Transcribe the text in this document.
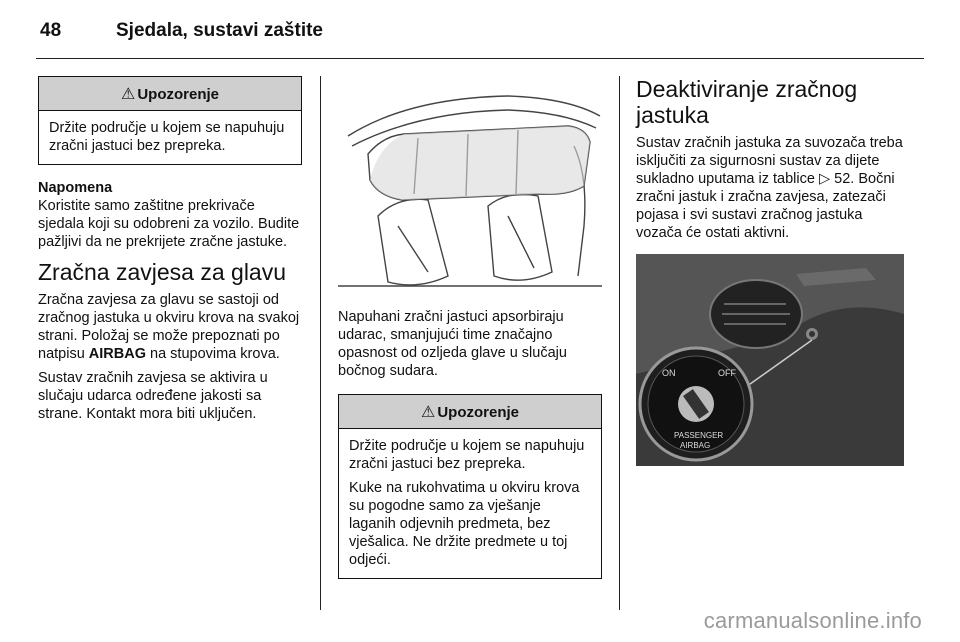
48	Sjedala, sustavi zaštite
⚠ Upozorenje

Držite područje u kojem se napuhuju zračni jastuci bez prepreka.

Napomena

Koristite samo zaštitne prekrivače sjedala koji su odobreni za vozilo. Budite pažljivi da ne prekrijete zračne jastuke.

Zračna zavjesa za glavu

Zračna zavjesa za glavu se sastoji od zračnog jastuka u okviru krova na svakoj strani. Položaj se može prepoznati po natpisu AIRBAG na stupovima krova.

Sustav zračnih zavjesa se aktivira u slučaju udarca određene jakosti sa strane. Kontakt mora biti uključen.

Napuhani zračni jastuci apsorbiraju udarac, smanjujući time značajno opasnost od ozljeda glave u slučaju bočnog sudara.

⚠ Upozorenje

Držite područje u kojem se napuhuju zračni jastuci bez prepreka.

Kuke na rukohvatima u okviru krova su pogodne samo za vješanje laganih odjevnih predmeta, bez vješalica. Ne držite predmete u toj odjeći.

Deaktiviranje zračnog jastuka

Sustav zračnih jastuka za suvozača treba isključiti za sigurnosni sustav za dijete sukladno uputama iz tablice ▷ 52. Bočni zračni jastuk i zračna zavjesa, zatezači pojasa i svi sustavi zračnog jastuka vozača će ostati aktivni.

ON	OFF
PASSENGER
AIRBAG
carmanualsonline.info
